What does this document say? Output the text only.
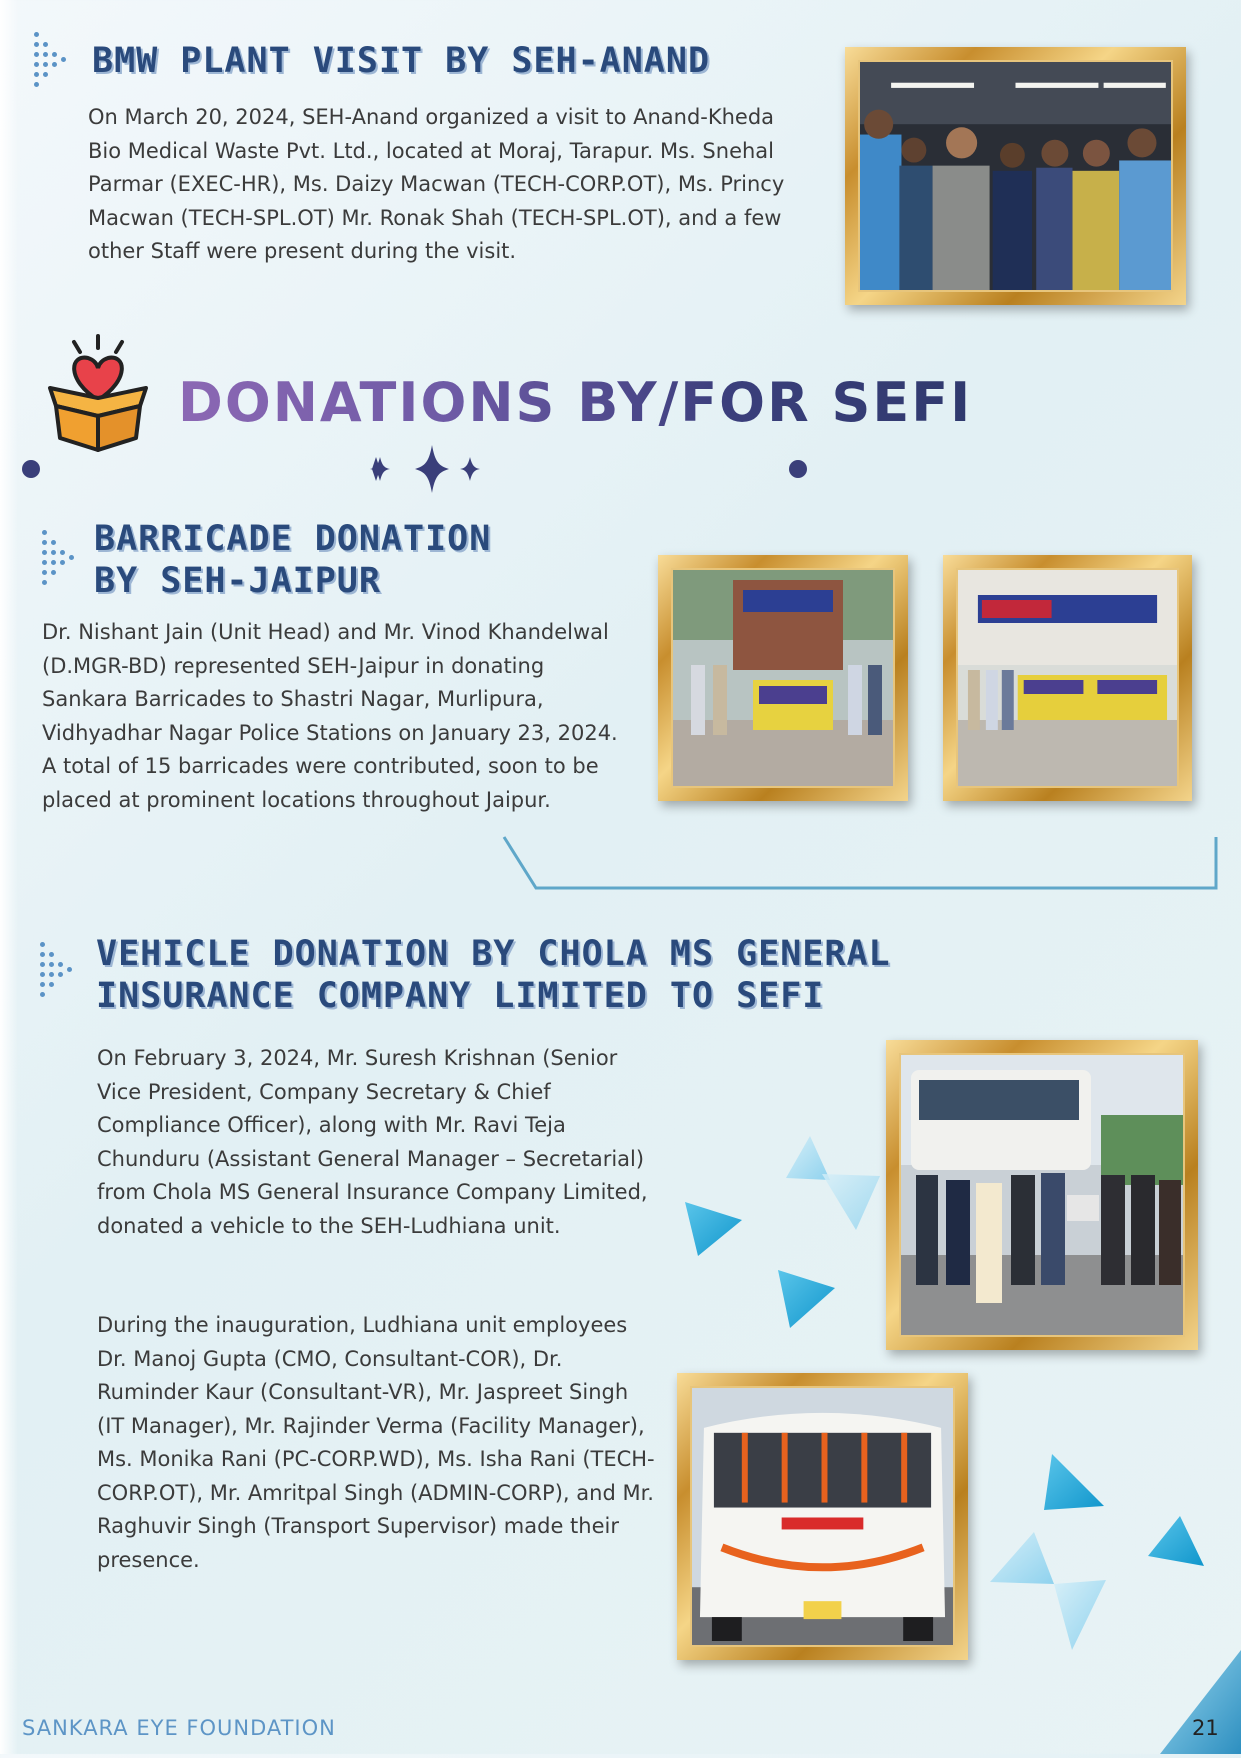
BMW PLANT VISIT BY SEH-ANAND

On March 20, 2024, SEH-Anand organized a visit to Anand-Kheda Bio Medical Waste Pvt. Ltd., located at Moraj, Tarapur. Ms. Snehal Parmar (EXEC-HR), Ms. Daizy Macwan (TECH-CORP.OT), Ms. Princy Macwan (TECH-SPL.OT) Mr. Ronak Shah (TECH-SPL.OT), and a few other Staff were present during the visit.

DONATIONS BY/FOR SEFI
BARRICADE DONATION
BY SEH-JAIPUR

Dr. Nishant Jain (Unit Head) and Mr. Vinod Khandelwal (D.MGR-BD) represented SEH-Jaipur in donating Sankara Barricades to Shastri Nagar, Murlipura, Vidhyadhar Nagar Police Stations on January 23, 2024. A total of 15 barricades were contributed, soon to be placed at prominent locations throughout Jaipur.

VEHICLE DONATION BY CHOLA MS GENERAL
INSURANCE COMPANY LIMITED TO SEFI

On February 3, 2024, Mr. Suresh Krishnan (Senior Vice President, Company Secretary & Chief Compliance Officer), along with Mr. Ravi Teja Chunduru (Assistant General Manager – Secretarial) from Chola MS General Insurance Company Limited, donated a vehicle to the SEH-Ludhiana unit.

During the inauguration, Ludhiana unit employees Dr. Manoj Gupta (CMO, Consultant-COR), Dr. Ruminder Kaur (Consultant-VR), Mr. Jaspreet Singh (IT Manager), Mr. Rajinder Verma (Facility Manager), Ms. Monika Rani (PC-CORP.WD), Ms. Isha Rani (TECH-CORP.OT), Mr. Amritpal Singh (ADMIN-CORP), and Mr. Raghuvir Singh (Transport Supervisor) made their presence.

SANKARA EYE FOUNDATION	21
